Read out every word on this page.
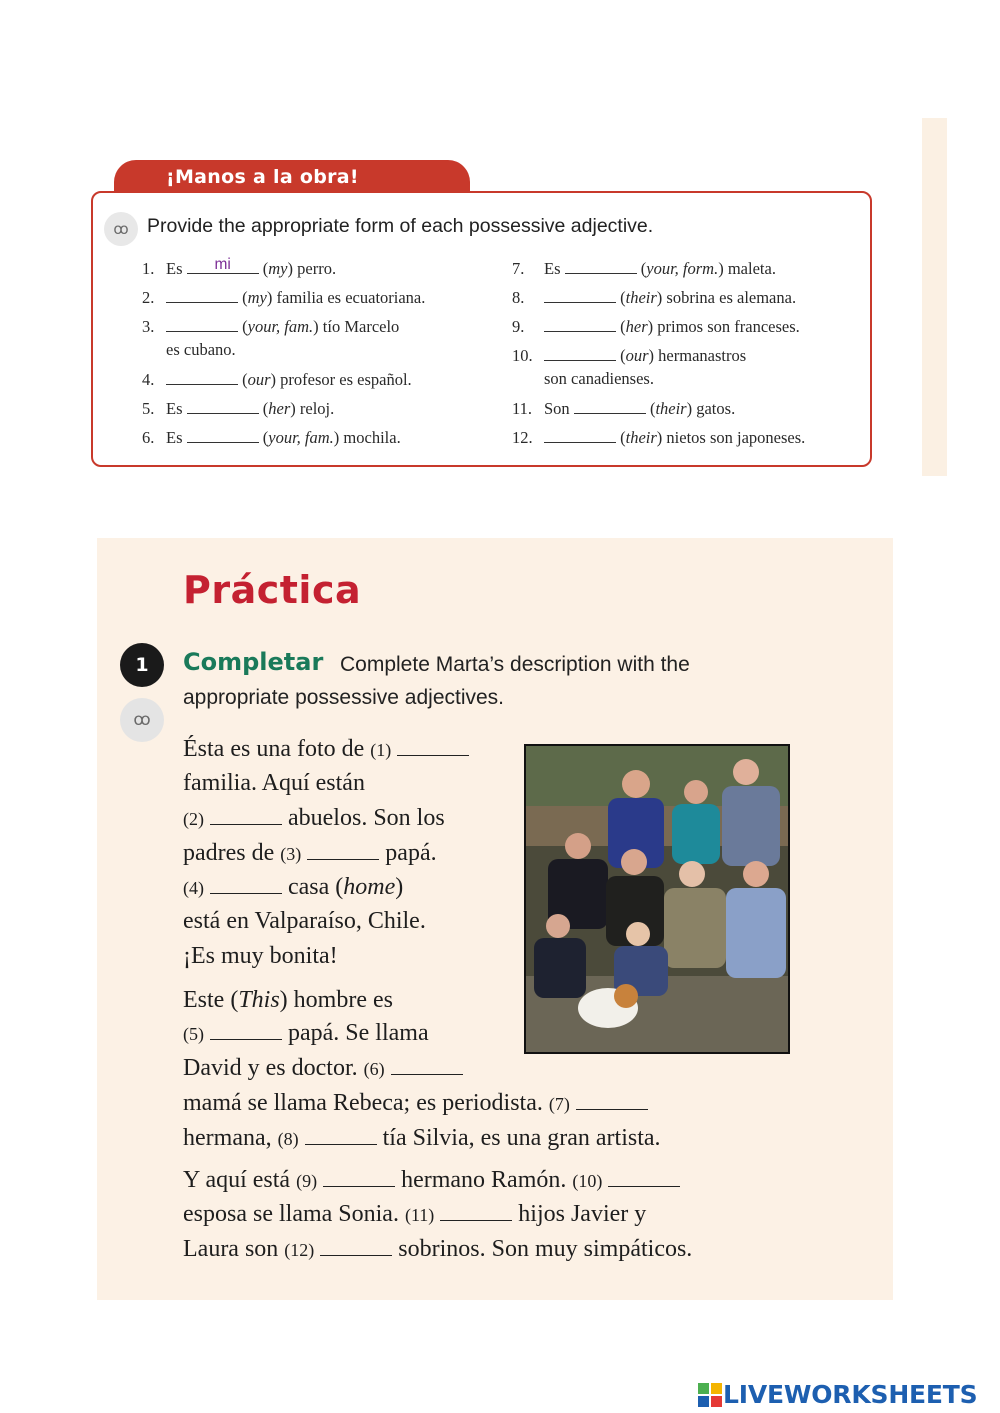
¡Manos a la obra!
ꝏ Provide the appropriate form of each possessive adjective.
1. Es	mi	(my) perro.
2.	(my) familia es ecuatoriana.
3.	(your, fam.) tío Marcelo
es cubano.
4.	(our) profesor es español.
5. Es	(her) reloj.
6. Es	(your, fam.) mochila.
7. Es	(your, form.) maleta.
8.	(their) sobrina es alemana.
9.	(her) primos son franceses.
10.	(our) hermanastros
son canadienses.
11. Son	(their) gatos.
12.	(their) nietos son japoneses.
Práctica
1
ꝏ
Completar Complete Marta’s description with the
appropriate possessive adjectives.
Ésta es una foto de (1)
familia. Aquí están
(2)	abuelos. Son los
padres de (3)	papá.
(4)	casa (home)
está en Valparaíso, Chile.
¡Es muy bonita!
Este (This) hombre es
(5)	papá. Se llama
David y es doctor. (6)
mamá se llama Rebeca; es periodista. (7)
hermana, (8)	tía Silvia, es una gran artista.
Y aquí está (9)	hermano Ramón. (10)
esposa se llama Sonia. (11)	hijos Javier y
Laura son (12)	sobrinos. Son muy simpáticos.
LIVEWORKSHEETS
